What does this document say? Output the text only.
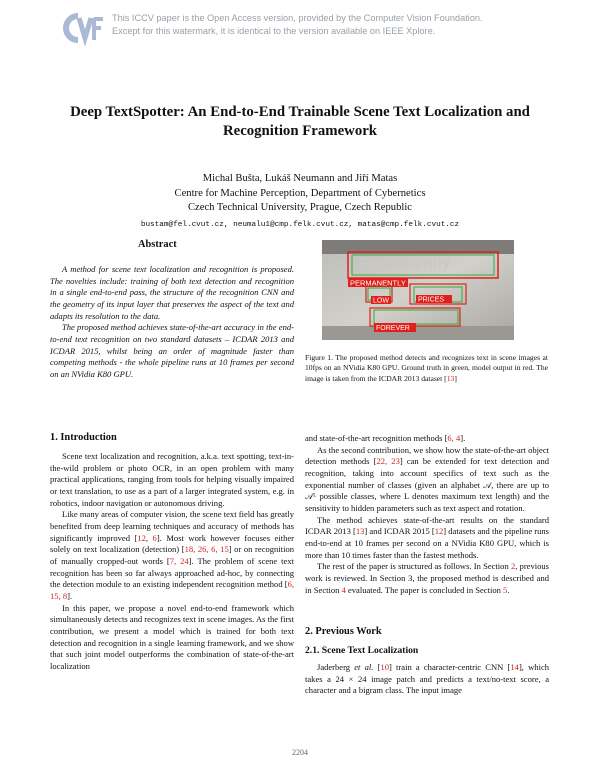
CVF
This ICCV paper is the Open Access version, provided by the Computer Vision Foundation.
Except for this watermark, it is identical to the version available on IEEE Xplore.
Deep TextSpotter: An End-to-End Trainable Scene Text Localization and
Recognition Framework
Michal Bušta, Lukáš Neumann and Jiří Matas
Centre for Machine Perception, Department of Cybernetics
Czech Technical University, Prague, Czech Republic
bustam@fel.cvut.cz, neumalu1@cmp.felk.cvut.cz, matas@cmp.felk.cvut.cz
Abstract

A method for scene text localization and recognition is proposed. The novelties include: training of both text detection and recognition in a single end-to-end pass, the structure of the recognition CNN and the geometry of its input layer that preserves the aspect of the text and adapts its resolution to the data.

The proposed method achieves state-of-the-art accuracy in the end-to-end text recognition on two standard datasets – ICDAR 2013 and ICDAR 2015, whilst being an order of magnitude faster than competing methods - the whole pipeline runs at 10 frames per second on an NVidia K80 GPU.

1. Introduction

Scene text localization and recognition, a.k.a. text spotting, text-in-the-wild problem or photo OCR, in an open problem with many practical applications, ranging from tools for helping visually impaired or text translation, to use as a part of a larger integrated system, e.g. in robotics, indoor navigation or autonomous driving.

Like many areas of computer vision, the scene text field has greatly benefited from deep learning techniques and accuracy of methods has significantly improved [12, 6]. Most work however focuses either solely on text localization (detection) [18, 26, 6, 15] or on recognition of manually cropped-out words [7, 24]. The problem of scene text recognition has been so far always approached ad-hoc, by connecting the detection module to an existing independent recognition method [6, 15, 8].

In this paper, we propose a novel end-to-end framework which simultaneously detects and recognizes text in scene images. As the first contribution, we present a model which is trained for both text detection and recognition in a single learning framework, and we show that such joint model outperforms the combination of state-of-the-art localization

Permanently
PERMANENTLY
LOW	PRICES
FOREVER
Figure 1. The proposed method detects and recognizes text in scene images at 10fps on an NVidia K80 GPU. Ground truth in green, model output in red. The image is taken from the ICDAR 2013 dataset [13]

and state-of-the-art recognition methods [6, 4].

As the second contribution, we show how the state-of-the-art object detection methods [22, 23] can be extended for text detection and recognition, taking into account specifics of text such as the exponential number of classes (given an alphabet 𝒜, there are up to 𝒜ᴸ possible classes, where L denotes maximum text length) and the sensitivity to hidden parameters such as text aspect and rotation.

The method achieves state-of-the-art results on the standard ICDAR 2013 [13] and ICDAR 2015 [12] datasets and the pipeline runs end-to-end at 10 frames per second on a NVidia K80 GPU, which is more than 10 times faster than the fastest methods.

The rest of the paper is structured as follows. In Section 2, previous work is reviewed. In Section 3, the proposed method is described and in Section 4 evaluated. The paper is concluded in Section 5.

2. Previous Work
2.1. Scene Text Localization

Jaderberg et al. [10] train a character-centric CNN [14], which takes a 24 × 24 image patch and predicts a text/no-text score, a character and a bigram class. The input image

2204
